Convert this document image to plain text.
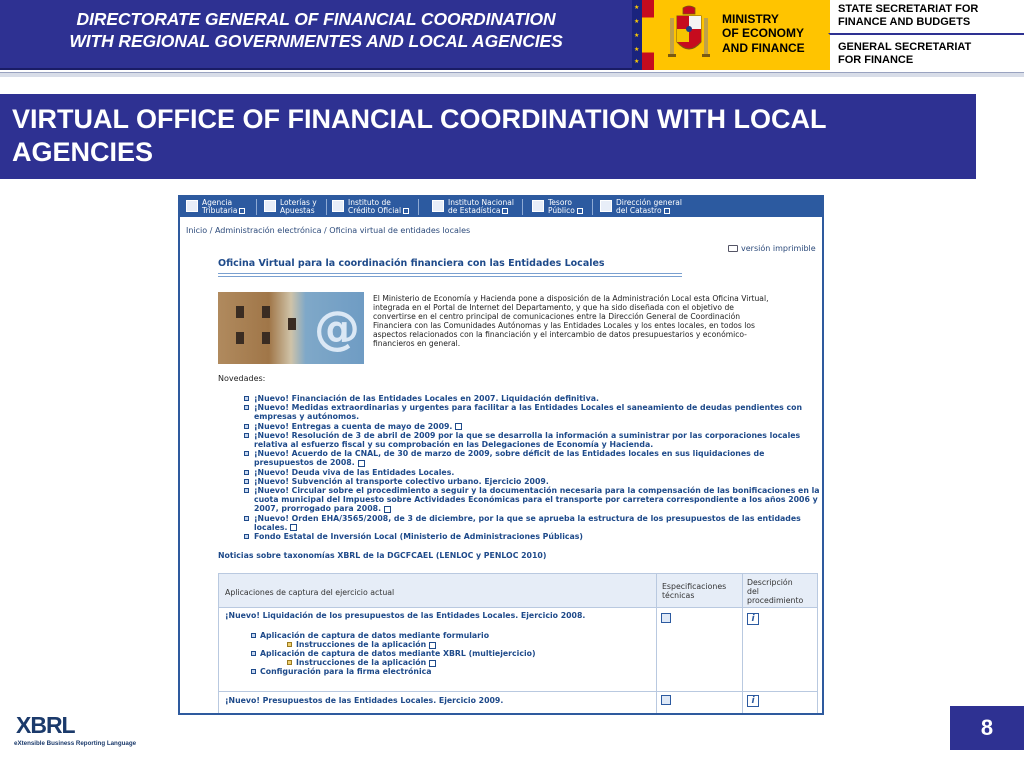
DIRECTORATE GENERAL OF FINANCIAL COORDINATION
WITH REGIONAL GOVERNMENTES AND LOCAL AGENCIES
★
★
★
★
★
MINISTRY
OF ECONOMY
AND FINANCE
STATE SECRETARIAT FOR
FINANCE AND BUDGETS
GENERAL SECRETARIAT
FOR FINANCE
VIRTUAL OFFICE OF FINANCIAL COORDINATION WITH LOCAL
AGENCIES
Agencia
Tributaria
Loterías y
Apuestas
Instituto de
Crédito Oficial
Instituto Nacional
de Estadística
Tesoro
Público
Dirección general
del Catastro
Inicio / Administración electrónica / Oficina virtual de entidades locales
versión imprimible
Oficina Virtual para la coordinación financiera con las Entidades Locales
@
El Ministerio de Economía y Hacienda pone a disposición de la Administración Local esta Oficina Virtual,
integrada en el Portal de Internet del Departamento, y que ha sido diseñada con el objetivo de
convertirse en el centro principal de comunicaciones entre la Dirección General de Coordinación
Financiera con las Comunidades Autónomas y las Entidades Locales y los entes locales, en todos los
aspectos relacionados con la financiación y el intercambio de datos presupuestarios y económico-
financieros en general.
Novedades:
¡Nuevo! Financiación de las Entidades Locales en 2007. Liquidación definitiva.
¡Nuevo! Medidas extraordinarias y urgentes para facilitar a las Entidades Locales el saneamiento de deudas pendientes con empresas y autónomos.
¡Nuevo! Entregas a cuenta de mayo de 2009.
¡Nuevo! Resolución de 3 de abril de 2009 por la que se desarrolla la información a suministrar por las corporaciones locales relativa al esfuerzo fiscal y su comprobación en las Delegaciones de Economía y Hacienda.
¡Nuevo! Acuerdo de la CNAL, de 30 de marzo de 2009, sobre déficit de las Entidades locales en sus liquidaciones de presupuestos de 2008.
¡Nuevo! Deuda viva de las Entidades Locales.
¡Nuevo! Subvención al transporte colectivo urbano. Ejercicio 2009.
¡Nuevo! Circular sobre el procedimiento a seguir y la documentación necesaria para la compensación de las bonificaciones en la cuota municipal del Impuesto sobre Actividades Económicas para el transporte por carretera correspondiente a los años 2006 y 2007, prorrogado para 2008.
¡Nuevo! Orden EHA/3565/2008, de 3 de diciembre, por la que se aprueba la estructura de los presupuestos de las entidades locales.
Fondo Estatal de Inversión Local (Ministerio de Administraciones Públicas)
Noticias sobre taxonomías XBRL de la DGCFCAEL (LENLOC y PENLOC 2010)
Aplicaciones de captura del ejercicio actual
Especificaciones
técnicas
Descripción
del
procedimiento
¡Nuevo! Liquidación de los presupuestos de las Entidades Locales. Ejercicio 2008.
Aplicación de captura de datos mediante formulario
Instrucciones de la aplicación
Aplicación de captura de datos mediante XBRL (multiejercicio)
Instrucciones de la aplicación
Configuración para la firma electrónica
i
¡Nuevo! Presupuestos de las Entidades Locales. Ejercicio 2009.	i
XBRL
eXtensible Business Reporting Language
8
